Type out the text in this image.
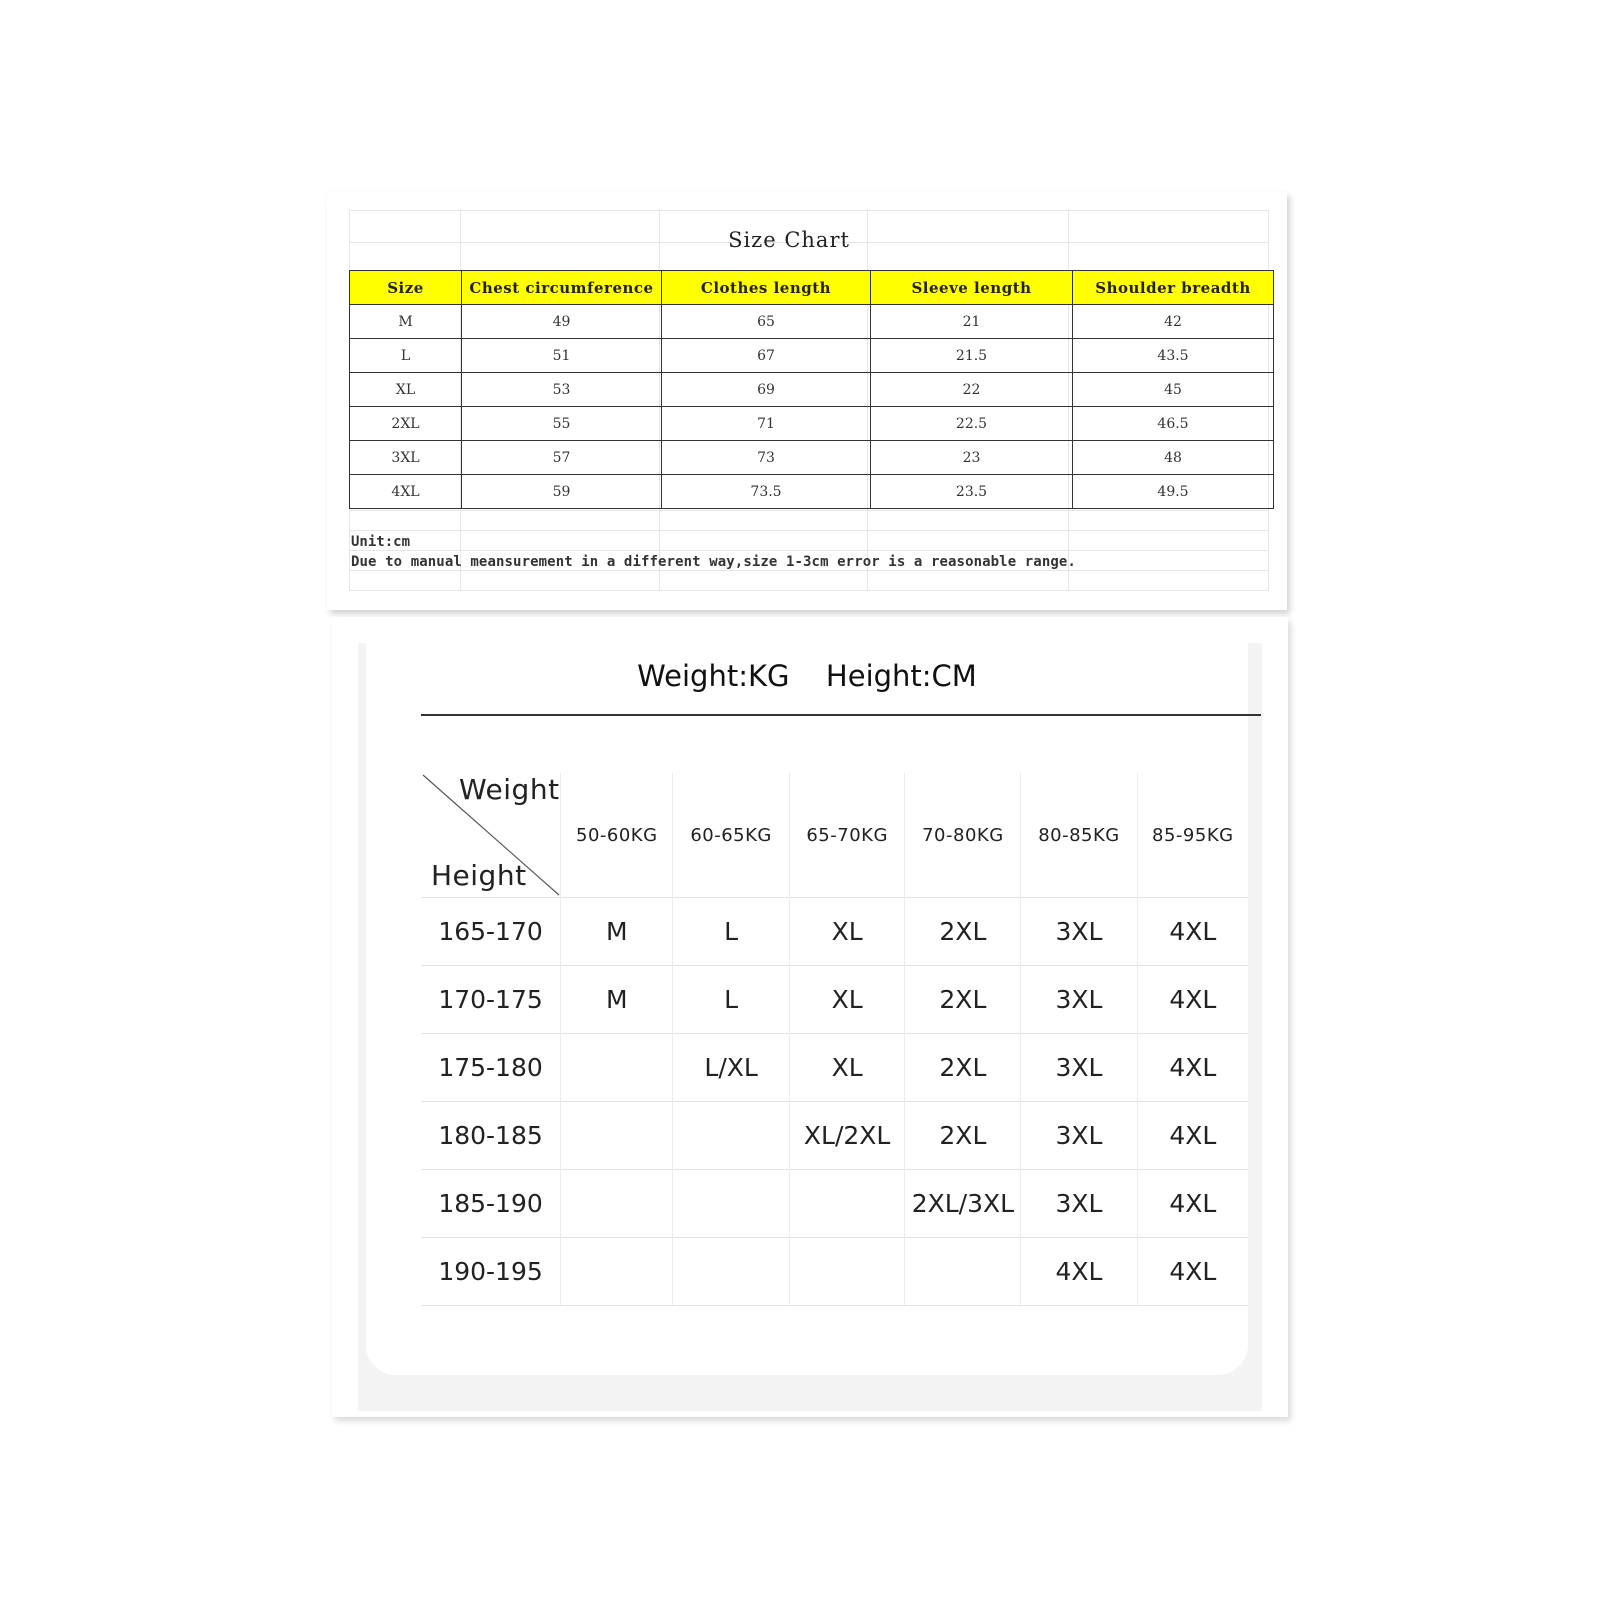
Size Chart
Size	Chest circumference	Clothes length	Sleeve length	Shoulder breadth
M	49	65	21	42
L	51	67	21.5	43.5
XL	53	69	22	45
2XL	55	71	22.5	46.5
3XL	57	73	23	48
4XL	59	73.5	23.5	49.5
Unit:cm
Due to manual meansurement in a different way,size 1-3cm error is a reasonable range.
Weight:KG Height:CM
Weight
Height	50-60KG	60-65KG	65-70KG	70-80KG	80-85KG	85-95KG
165-170	M	L	XL	2XL	3XL	4XL
170-175	M	L	XL	2XL	3XL	4XL
175-180		L/XL	XL	2XL	3XL	4XL
180-185			XL/2XL	2XL	3XL	4XL
185-190				2XL/3XL	3XL	4XL
190-195					4XL	4XL
